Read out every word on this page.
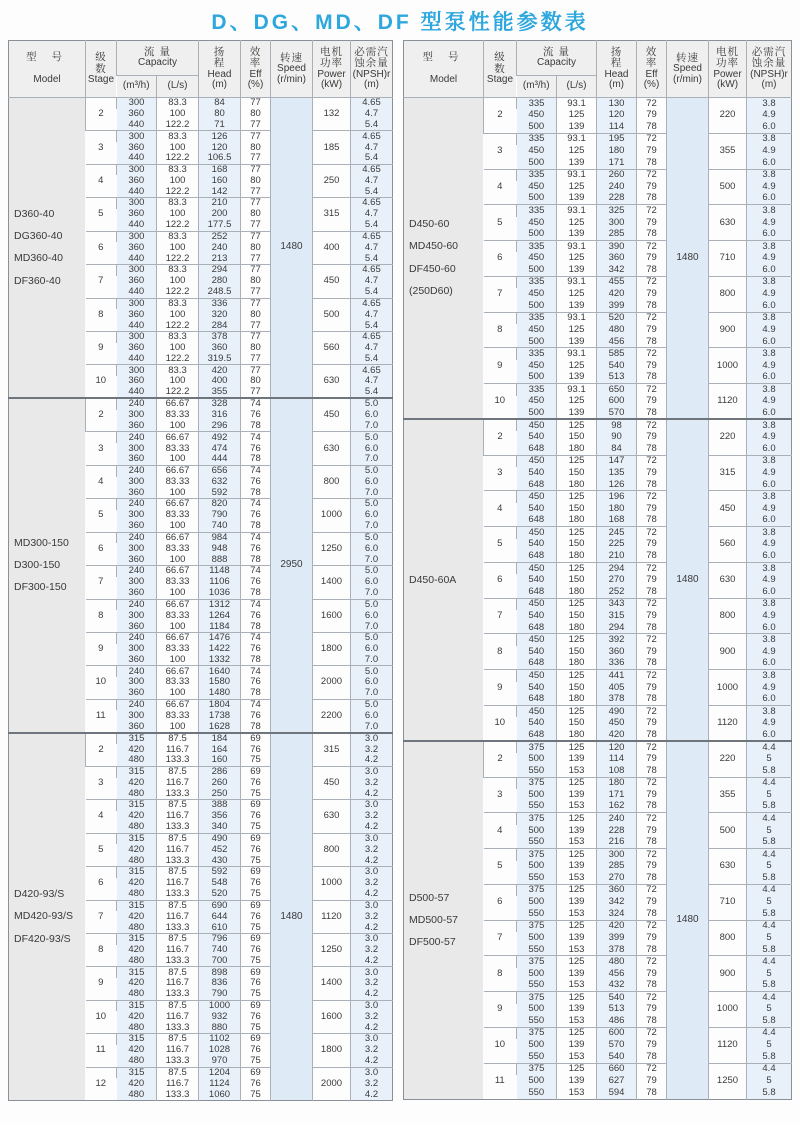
D、DG、MD、DF 型泵性能参数表
型 号
Model	级
数
Stage	流 量
Capacity		扬
程
Head
(m)	效
率
Eff
(%)	转速
Speed
(r/min)	电机
功率
Power
(kW)	必需汽
蚀余量
(NPSH)r
(m)

		(m³/h)	(L/s)					

D360-40
DG360-40
MD360-40
DF360-40	2	300	83.3	84	77	1480	132	4.65
		360	100	80	80			4.7
		440	122.2	71	77			5.4
	3	300	83.3	126	77		185	4.65
		360	100	120	80			4.7
		440	122.2	106.5	77			5.4
	4	300	83.3	168	77		250	4.65
		360	100	160	80			4.7
		440	122.2	142	77			5.4
	5	300	83.3	210	77		315	4.65
		360	100	200	80			4.7
		440	122.2	177.5	77			5.4
	6	300	83.3	252	77		400	4.65
		360	100	240	80			4.7
		440	122.2	213	77			5.4
	7	300	83.3	294	77		450	4.65
		360	100	280	80			4.7
		440	122.2	248.5	77			5.4
	8	300	83.3	336	77		500	4.65
		360	100	320	80			4.7
		440	122.2	284	77			5.4
	9	300	83.3	378	77		560	4.65
		360	100	360	80			4.7
		440	122.2	319.5	77			5.4
	10	300	83.3	420	77		630	4.65
		360	100	400	80			4.7
		440	122.2	355	77			5.4

MD300-150
D300-150
DF300-150	2	240	66.67	328	74	2950	450	5.0
		300	83.33	316	76			6.0
		360	100	296	78			7.0
	3	240	66.67	492	74		630	5.0
		300	83.33	474	76			6.0
		360	100	444	78			7.0
	4	240	66.67	656	74		800	5.0
		300	83.33	632	76			6.0
		360	100	592	78			7.0
	5	240	66.67	820	74		1000	5.0
		300	83.33	790	76			6.0
		360	100	740	78			7.0
	6	240	66.67	984	74		1250	5.0
		300	83.33	948	76			6.0
		360	100	888	78			7.0
	7	240	66.67	1148	74		1400	5.0
		300	83.33	1106	76			6.0
		360	100	1036	78			7.0
	8	240	66.67	1312	74		1600	5.0
		300	83.33	1264	76			6.0
		360	100	1184	78			7.0
	9	240	66.67	1476	74		1800	5.0
		300	83.33	1422	76			6.0
		360	100	1332	78			7.0
	10	240	66.67	1640	74		2000	5.0
		300	83.33	1580	76			6.0
		360	100	1480	78			7.0
	11	240	66.67	1804	74		2200	5.0
		300	83.33	1738	76			6.0
		360	100	1628	78			7.0

D420-93/S
MD420-93/S
DF420-93/S	2	315	87.5	184	69	1480	315	3.0
		420	116.7	164	76			3.2
		480	133.3	160	75			4.2
	3	315	87.5	286	69		450	3.0
		420	116.7	260	76			3.2
		480	133.3	250	75			4.2
	4	315	87.5	388	69		630	3.0
		420	116.7	356	76			3.2
		480	133.3	340	75			4.2
	5	315	87.5	490	69		800	3.0
		420	116.7	452	76			3.2
		480	133.3	430	75			4.2
	6	315	87.5	592	69		1000	3.0
		420	116.7	548	76			3.2
		480	133.3	520	75			4.2
	7	315	87.5	690	69		1120	3.0
		420	116.7	644	76			3.2
		480	133.3	610	75			4.2
	8	315	87.5	796	69		1250	3.0
		420	116.7	740	76			3.2
		480	133.3	700	75			4.2
	9	315	87.5	898	69		1400	3.0
		420	116.7	836	76			3.2
		480	133.3	790	75			4.2
	10	315	87.5	1000	69		1600	3.0
		420	116.7	932	76			3.2
		480	133.3	880	75			4.2
	11	315	87.5	1102	69		1800	3.0
		420	116.7	1028	76			3.2
		480	133.3	970	75			4.2
	12	315	87.5	1204	69		2000	3.0
		420	116.7	1124	76			3.2
		480	133.3	1060	75			4.2
型 号
Model	级
数
Stage	流 量
Capacity		扬
程
Head
(m)	效
率
Eff
(%)	转速
Speed
(r/min)	电机
功率
Power
(kW)	必需汽
蚀余量
(NPSH)r
(m)

		(m³/h)	(L/s)					

D450-60
MD450-60
DF450-60
(250D60)	2	335	93.1	130	72	1480	220	3.8
		450	125	120	79			4.9
		500	139	114	78			6.0
	3	335	93.1	195	72		355	3.8
		450	125	180	79			4.9
		500	139	171	78			6.0
	4	335	93.1	260	72		500	3.8
		450	125	240	79			4.9
		500	139	228	78			6.0
	5	335	93.1	325	72		630	3.8
		450	125	300	79			4.9
		500	139	285	78			6.0
	6	335	93.1	390	72		710	3.8
		450	125	360	79			4.9
		500	139	342	78			6.0
	7	335	93.1	455	72		800	3.8
		450	125	420	79			4.9
		500	139	399	78			6.0
	8	335	93.1	520	72		900	3.8
		450	125	480	79			4.9
		500	139	456	78			6.0
	9	335	93.1	585	72		1000	3.8
		450	125	540	79			4.9
		500	139	513	78			6.0
	10	335	93.1	650	72		1120	3.8
		450	125	600	79			4.9
		500	139	570	78			6.0

D450-60A	2	450	125	98	72	1480	220	3.8
		540	150	90	79			4.9
		648	180	84	78			6.0
	3	450	125	147	72		315	3.8
		540	150	135	79			4.9
		648	180	126	78			6.0
	4	450	125	196	72		450	3.8
		540	150	180	79			4.9
		648	180	168	78			6.0
	5	450	125	245	72		560	3.8
		540	150	225	79			4.9
		648	180	210	78			6.0
	6	450	125	294	72		630	3.8
		540	150	270	79			4.9
		648	180	252	78			6.0
	7	450	125	343	72		800	3.8
		540	150	315	79			4.9
		648	180	294	78			6.0
	8	450	125	392	72		900	3.8
		540	150	360	79			4.9
		648	180	336	78			6.0
	9	450	125	441	72		1000	3.8
		540	150	405	79			4.9
		648	180	378	78			6.0
	10	450	125	490	72		1120	3.8
		540	150	450	79			4.9
		648	180	420	78			6.0

D500-57
MD500-57
DF500-57	2	375	125	120	72	1480	220	4.4
		500	139	114	79			5
		550	153	108	78			5.8
	3	375	125	180	72		355	4.4
		500	139	171	79			5
		550	153	162	78			5.8
	4	375	125	240	72		500	4.4
		500	139	228	79			5
		550	153	216	78			5.8
	5	375	125	300	72		630	4.4
		500	139	285	79			5
		550	153	270	78			5.8
	6	375	125	360	72		710	4.4
		500	139	342	79			5
		550	153	324	78			5.8
	7	375	125	420	72		800	4.4
		500	139	399	79			5
		550	153	378	78			5.8
	8	375	125	480	72		900	4.4
		500	139	456	79			5
		550	153	432	78			5.8
	9	375	125	540	72		1000	4.4
		500	139	513	79			5
		550	153	486	78			5.8
	10	375	125	600	72		1120	4.4
		500	139	570	79			5
		550	153	540	78			5.8
	11	375	125	660	72		1250	4.4
		500	139	627	79			5
		550	153	594	78			5.8
